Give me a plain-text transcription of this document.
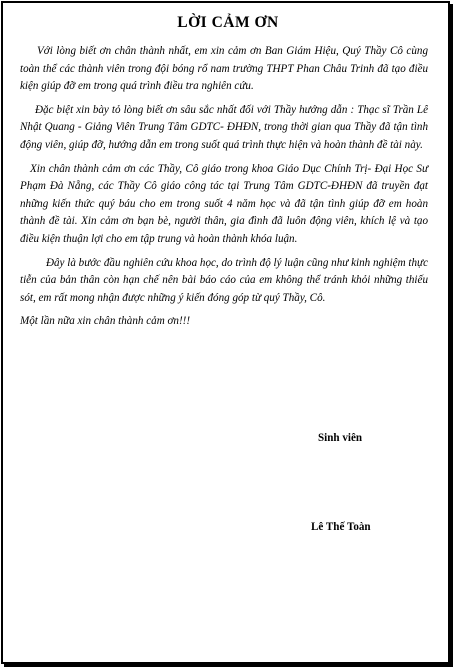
LỜI CẢM ƠN

Với lòng biết ơn chân thành nhất, em xin cảm ơn Ban Giám Hiệu, Quý Thầy Cô cùng toàn thể các thành viên trong đội bóng rổ nam trường THPT Phan Châu Trinh đã tạo điều kiện giúp đỡ em trong quá trình điều tra nghiên cứu.

Đặc biệt xin bày tỏ lòng biết ơn sâu sắc nhất đối với Thầy hướng dẫn : Thạc sĩ Trần Lê Nhật Quang - Giảng Viên Trung Tâm GDTC- ĐHĐN, trong thời gian qua Thầy đã tận tình động viên, giúp đỡ, hướng dẫn em trong suốt quá trình thực hiện và hoàn thành đề tài này.

Xin chân thành cảm ơn các Thầy, Cô giáo trong khoa Giáo Dục Chính Trị- Đại Học Sư Phạm Đà Nẵng, các Thầy Cô giáo công tác tại Trung Tâm GDTC-ĐHĐN đã truyền đạt những kiến thức quý báu cho em trong suốt 4 năm học và đã tận tình giúp đỡ em hoàn thành đề tài. Xin cảm ơn bạn bè, người thân, gia đình đã luôn động viên, khích lệ và tạo điều kiện thuận lợi cho em tập trung và hoàn thành khóa luận.

Đây là bước đầu nghiên cứu khoa học, do trình độ lý luận cũng như kinh nghiệm thực tiễn của bản thân còn hạn chế nên bài báo cáo của em không thể tránh khỏi những thiếu sót, em rất mong nhận được những ý kiến đóng góp từ quý Thầy, Cô.

Một lần nữa xin chân thành cảm ơn!!!

Sinh viên
Lê Thế Toàn
